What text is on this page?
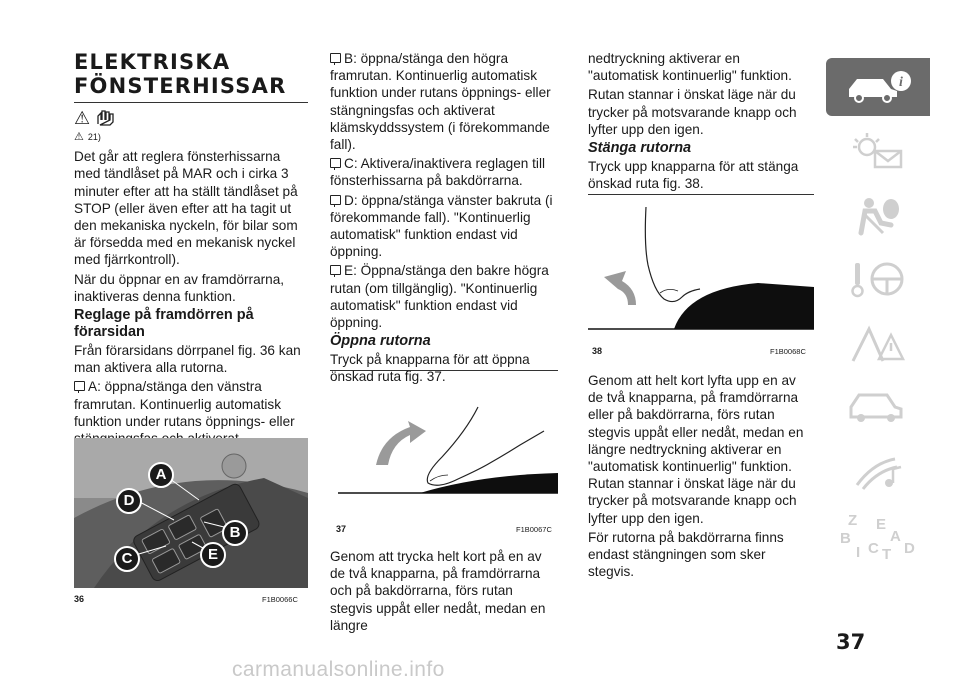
ELEKTRISKA
FÖNSTERHISSAR
⚠
⚠ 21)

Det går att reglera fönsterhissarna med tändlåset på MAR och i cirka 3 minuter efter att ha ställt tändlåset på STOP (eller även efter att ha tagit ut den mekaniska nyckeln, för bilar som är försedda med en mekanisk nyckel med fjärrkontroll).

När du öppnar en av framdörrarna, inaktiveras denna funktion.

Reglage på framdörren på förarsidan

Från förarsidans dörrpanel fig. 36 kan man aktivera alla rutorna.

A: öppna/stänga den vänstra framrutan. Kontinuerlig automatisk funktion under rutans öppnings- eller

A
D
B
C	E
36	F1B0066C

B: öppna/stänga den högra framrutan. Kontinuerlig automatisk funktion under rutans öppnings- eller stängningsfas och aktiverat klämskyddssystem (i förekommande fall).

C: Aktivera/inaktivera reglagen till fönsterhissarna på bakdörrarna.

D: öppna/stänga vänster bakruta (i förekommande fall). "Kontinuerlig automatisk" funktion endast vid öppning.

E: Öppna/stänga den bakre högra rutan (om tillgänglig). "Kontinuerlig automatisk" funktion endast vid öppning.

Öppna rutorna

Tryck på knapparna för att öppna önskad ruta fig. 37.

37	F1B0067C

Genom att trycka helt kort på en av de två knapparna, på framdörrarna och på bakdörrarna, förs rutan stegvis uppåt eller nedåt, medan en längre

nedtryckning aktiverar en "automatisk kontinuerlig" funktion.

Rutan stannar i önskat läge när du trycker på motsvarande knapp och lyfter upp den igen.

Stänga rutorna

Tryck upp knapparna för att stänga önskad ruta fig. 38.

38	F1B0068C

Genom att helt kort lyfta upp en av de två knapparna, på framdörrarna eller på bakdörrarna, förs rutan stegvis uppåt eller nedåt, medan en längre nedtryckning aktiverar en "automatisk kontinuerlig" funktion. Rutan stannar i önskat läge när du trycker på motsvarande knapp och lyfter upp den igen.

För rutorna på bakdörrarna finns endast stängningen som sker stegvis.

i
Z E
A
B
I C T D
37
carmanualsonline.info
